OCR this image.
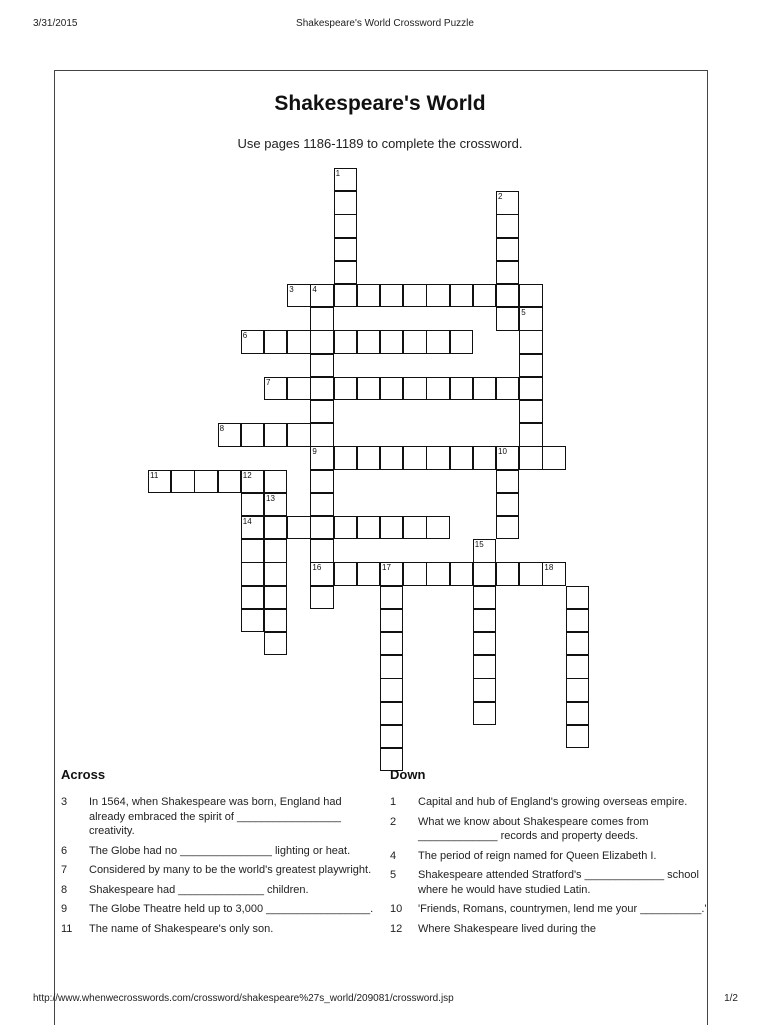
3/31/2015	Shakespeare's World Crossword Puzzle
Shakespeare's World
Use pages 1186-1189 to complete the crossword.
1
2
3 4
5
6
7
8
9	10
11	12
13
14
15
16	17	18
Across	Down
3	In 1564, when Shakespeare was born, England had already embraced the spirit of _________________ creativity.
6	The Globe had no _______________ lighting or heat.
7	Considered by many to be the world's greatest playwright.
8	Shakespeare had ______________ children.
9	The Globe Theatre held up to 3,000 _________________.
11	The name of Shakespeare's only son.
1	Capital and hub of England's growing overseas empire.
2	What we know about Shakespeare comes from _____________ records and property deeds.
4	The period of reign named for Queen Elizabeth I.
5	Shakespeare attended Stratford's _____________ school where he would have studied Latin.
10	'Friends, Romans, countrymen, lend me your __________.'
12	Where Shakespeare lived during the
http://www.whenwecrosswords.com/crossword/shakespeare%27s_world/209081/crossword.jsp	1/2
